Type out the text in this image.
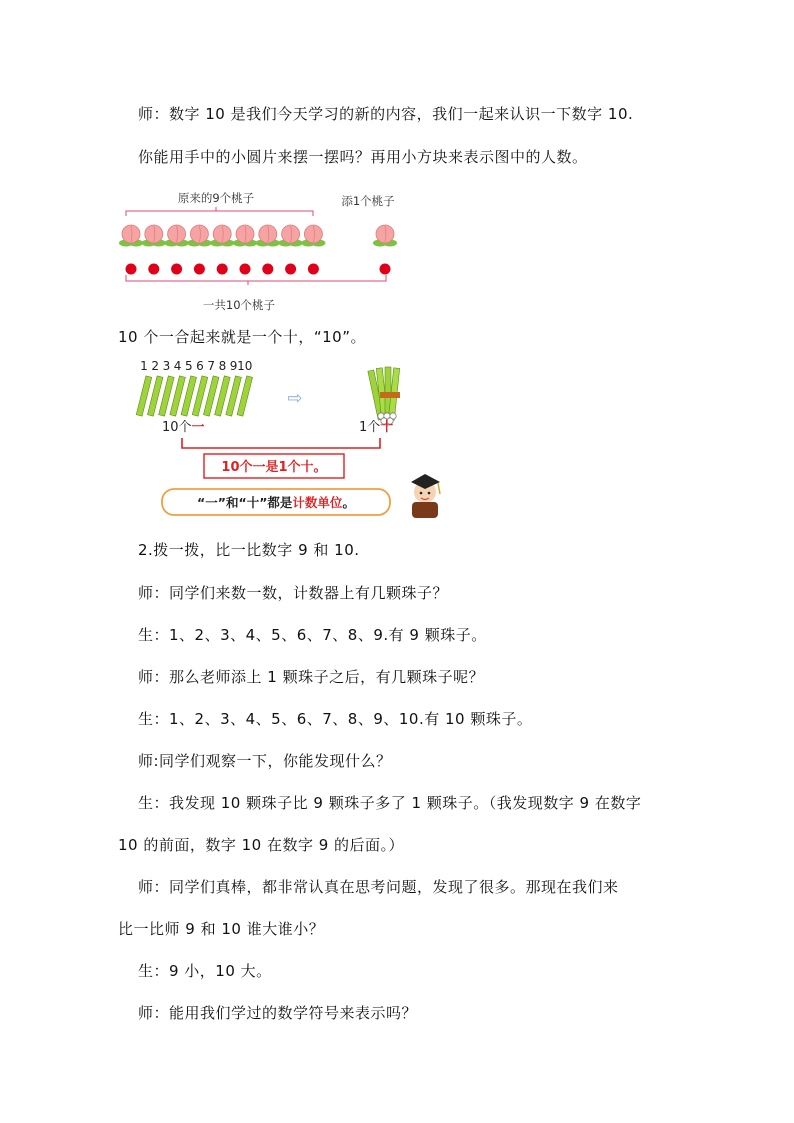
师：数字 10 是我们今天学习的新的内容，我们一起来认识一下数字 10.
你能用手中的小圆片来摆一摆吗？再用小方块来表示图中的人数。
原来的9个桃子	添1个桃子
一共10个桃子
10 个一合起来就是一个十，“10”。
1 2 3 4 5 6 7 8 9 10
⇨
10个一	1个十
10个一是1个十。
“一”和“十”都是计数单位。
2.拨一拨，比一比数字 9 和 10.
师：同学们来数一数，计数器上有几颗珠子？
生：1、2、3、4、5、6、7、8、9.有 9 颗珠子。
师：那么老师添上 1 颗珠子之后，有几颗珠子呢？
生：1、2、3、4、5、6、7、8、9、10.有 10 颗珠子。
师:同学们观察一下，你能发现什么？
生：我发现 10 颗珠子比 9 颗珠子多了 1 颗珠子。（我发现数字 9 在数字
10 的前面，数字 10 在数字 9 的后面。）
师：同学们真棒，都非常认真在思考问题，发现了很多。那现在我们来
比一比师 9 和 10 谁大谁小？
生：9 小，10 大。
师：能用我们学过的数学符号来表示吗？
